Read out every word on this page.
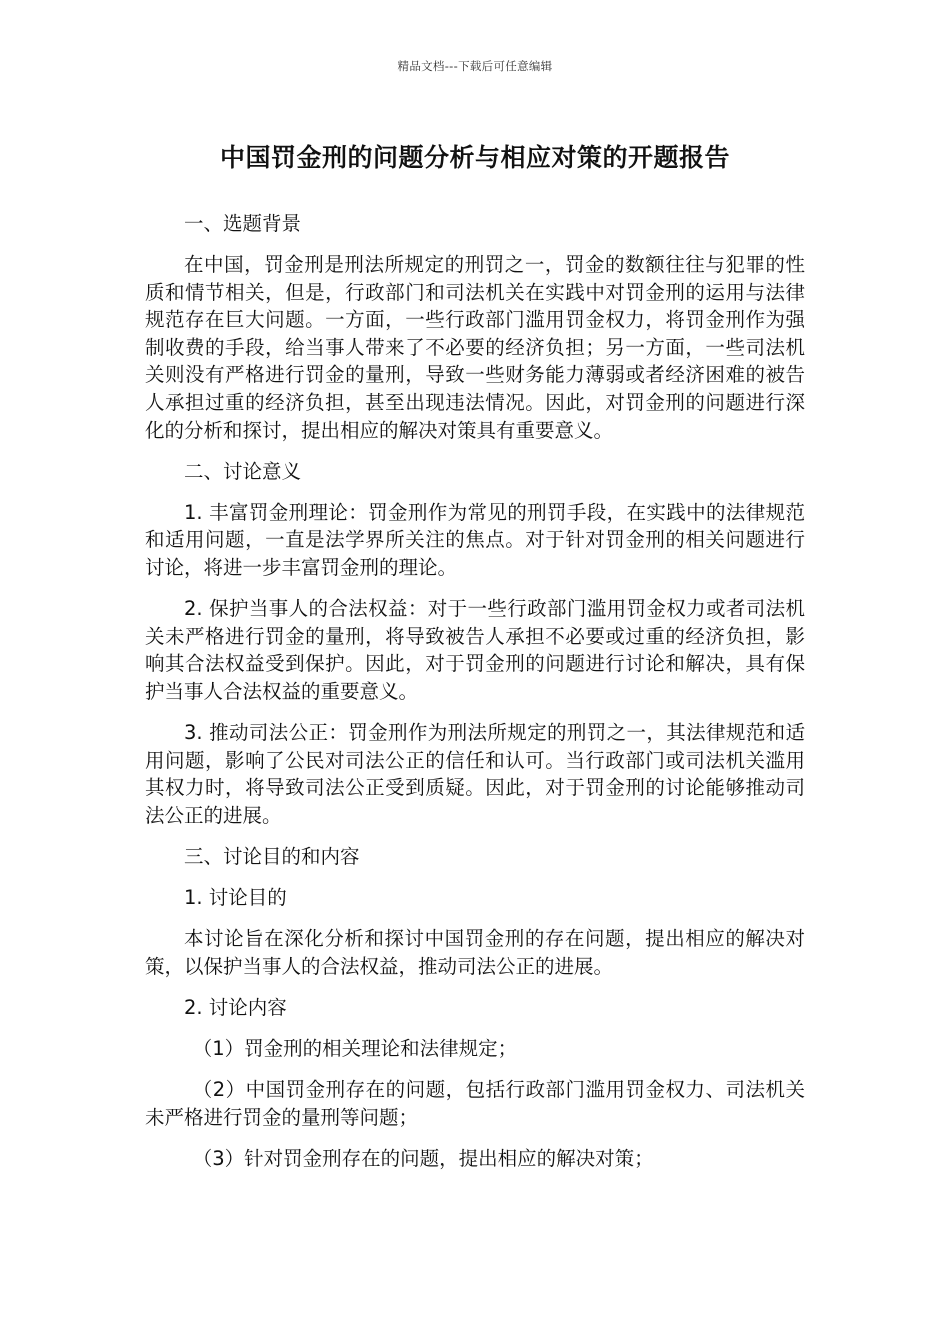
精品文档---下载后可任意编辑
中国罚金刑的问题分析与相应对策的开题报告

一、选题背景

在中国，罚金刑是刑法所规定的刑罚之一，罚金的数额往往与犯罪的性质和情节相关，但是，行政部门和司法机关在实践中对罚金刑的运用与法律规范存在巨大问题。一方面，一些行政部门滥用罚金权力，将罚金刑作为强制收费的手段，给当事人带来了不必要的经济负担；另一方面，一些司法机关则没有严格进行罚金的量刑，导致一些财务能力薄弱或者经济困难的被告人承担过重的经济负担，甚至出现违法情况。因此，对罚金刑的问题进行深化的分析和探讨，提出相应的解决对策具有重要意义。

二、讨论意义

1. 丰富罚金刑理论：罚金刑作为常见的刑罚手段，在实践中的法律规范和适用问题，一直是法学界所关注的焦点。对于针对罚金刑的相关问题进行讨论，将进一步丰富罚金刑的理论。

2. 保护当事人的合法权益：对于一些行政部门滥用罚金权力或者司法机关未严格进行罚金的量刑，将导致被告人承担不必要或过重的经济负担，影响其合法权益受到保护。因此，对于罚金刑的问题进行讨论和解决，具有保护当事人合法权益的重要意义。

3. 推动司法公正：罚金刑作为刑法所规定的刑罚之一，其法律规范和适用问题，影响了公民对司法公正的信任和认可。当行政部门或司法机关滥用其权力时，将导致司法公正受到质疑。因此，对于罚金刑的讨论能够推动司法公正的进展。

三、讨论目的和内容

1. 讨论目的

本讨论旨在深化分析和探讨中国罚金刑的存在问题，提出相应的解决对策，以保护当事人的合法权益，推动司法公正的进展。

2. 讨论内容

（1）罚金刑的相关理论和法律规定；

（2）中国罚金刑存在的问题，包括行政部门滥用罚金权力、司法机关未严格进行罚金的量刑等问题；

（3）针对罚金刑存在的问题，提出相应的解决对策；
